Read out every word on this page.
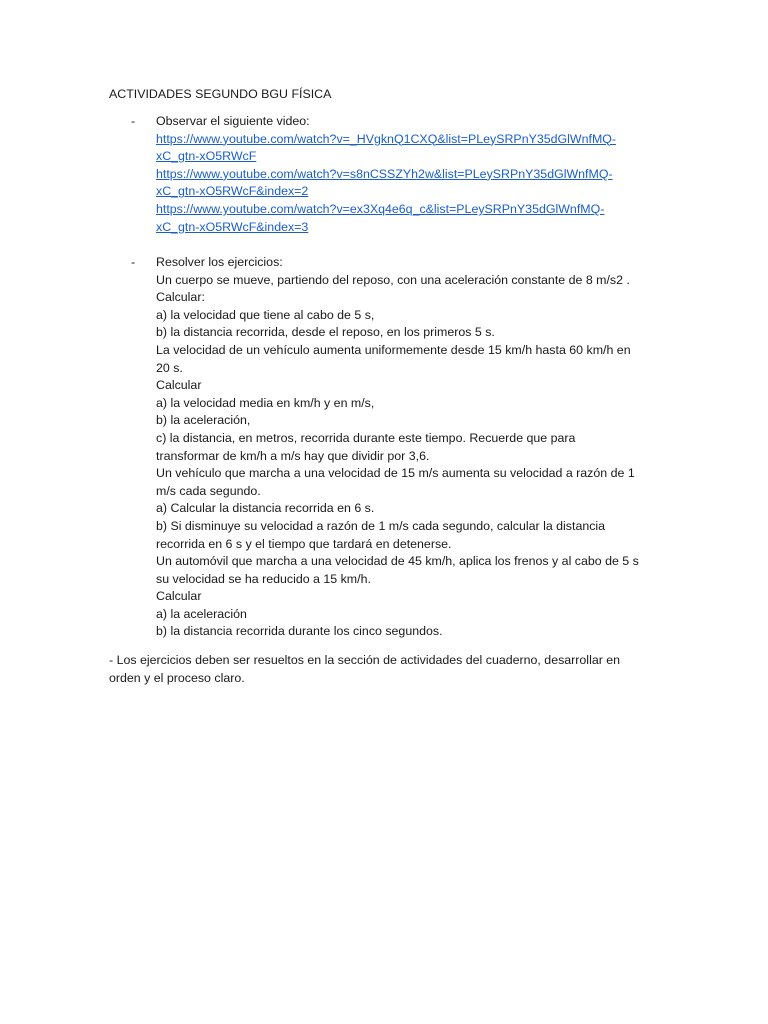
ACTIVIDADES SEGUNDO BGU FÍSICA
- Observar el siguiente video:
https://www.youtube.com/watch?v=_HVgknQ1CXQ&list=PLeySRPnY35dGlWnfMQ-
xC_gtn-xO5RWcF
https://www.youtube.com/watch?v=s8nCSSZYh2w&list=PLeySRPnY35dGlWnfMQ-
xC_gtn-xO5RWcF&index=2
https://www.youtube.com/watch?v=ex3Xq4e6q_c&list=PLeySRPnY35dGlWnfMQ-
xC_gtn-xO5RWcF&index=3
- Resolver los ejercicios:
Un cuerpo se mueve, partiendo del reposo, con una aceleración constante de 8 m/s2 .
Calcular:
a) la velocidad que tiene al cabo de 5 s,
b) la distancia recorrida, desde el reposo, en los primeros 5 s.
La velocidad de un vehículo aumenta uniformemente desde 15 km/h hasta 60 km/h en
20 s.
Calcular
a) la velocidad media en km/h y en m/s,
b) la aceleración,
c) la distancia, en metros, recorrida durante este tiempo. Recuerde que para
transformar de km/h a m/s hay que dividir por 3,6.
Un vehículo que marcha a una velocidad de 15 m/s aumenta su velocidad a razón de 1
m/s cada segundo.
a) Calcular la distancia recorrida en 6 s.
b) Si disminuye su velocidad a razón de 1 m/s cada segundo, calcular la distancia
recorrida en 6 s y el tiempo que tardará en detenerse.
Un automóvil que marcha a una velocidad de 45 km/h, aplica los frenos y al cabo de 5 s
su velocidad se ha reducido a 15 km/h.
Calcular
a) la aceleración
b) la distancia recorrida durante los cinco segundos.
- Los ejercicios deben ser resueltos en la sección de actividades del cuaderno, desarrollar en
orden y el proceso claro.
